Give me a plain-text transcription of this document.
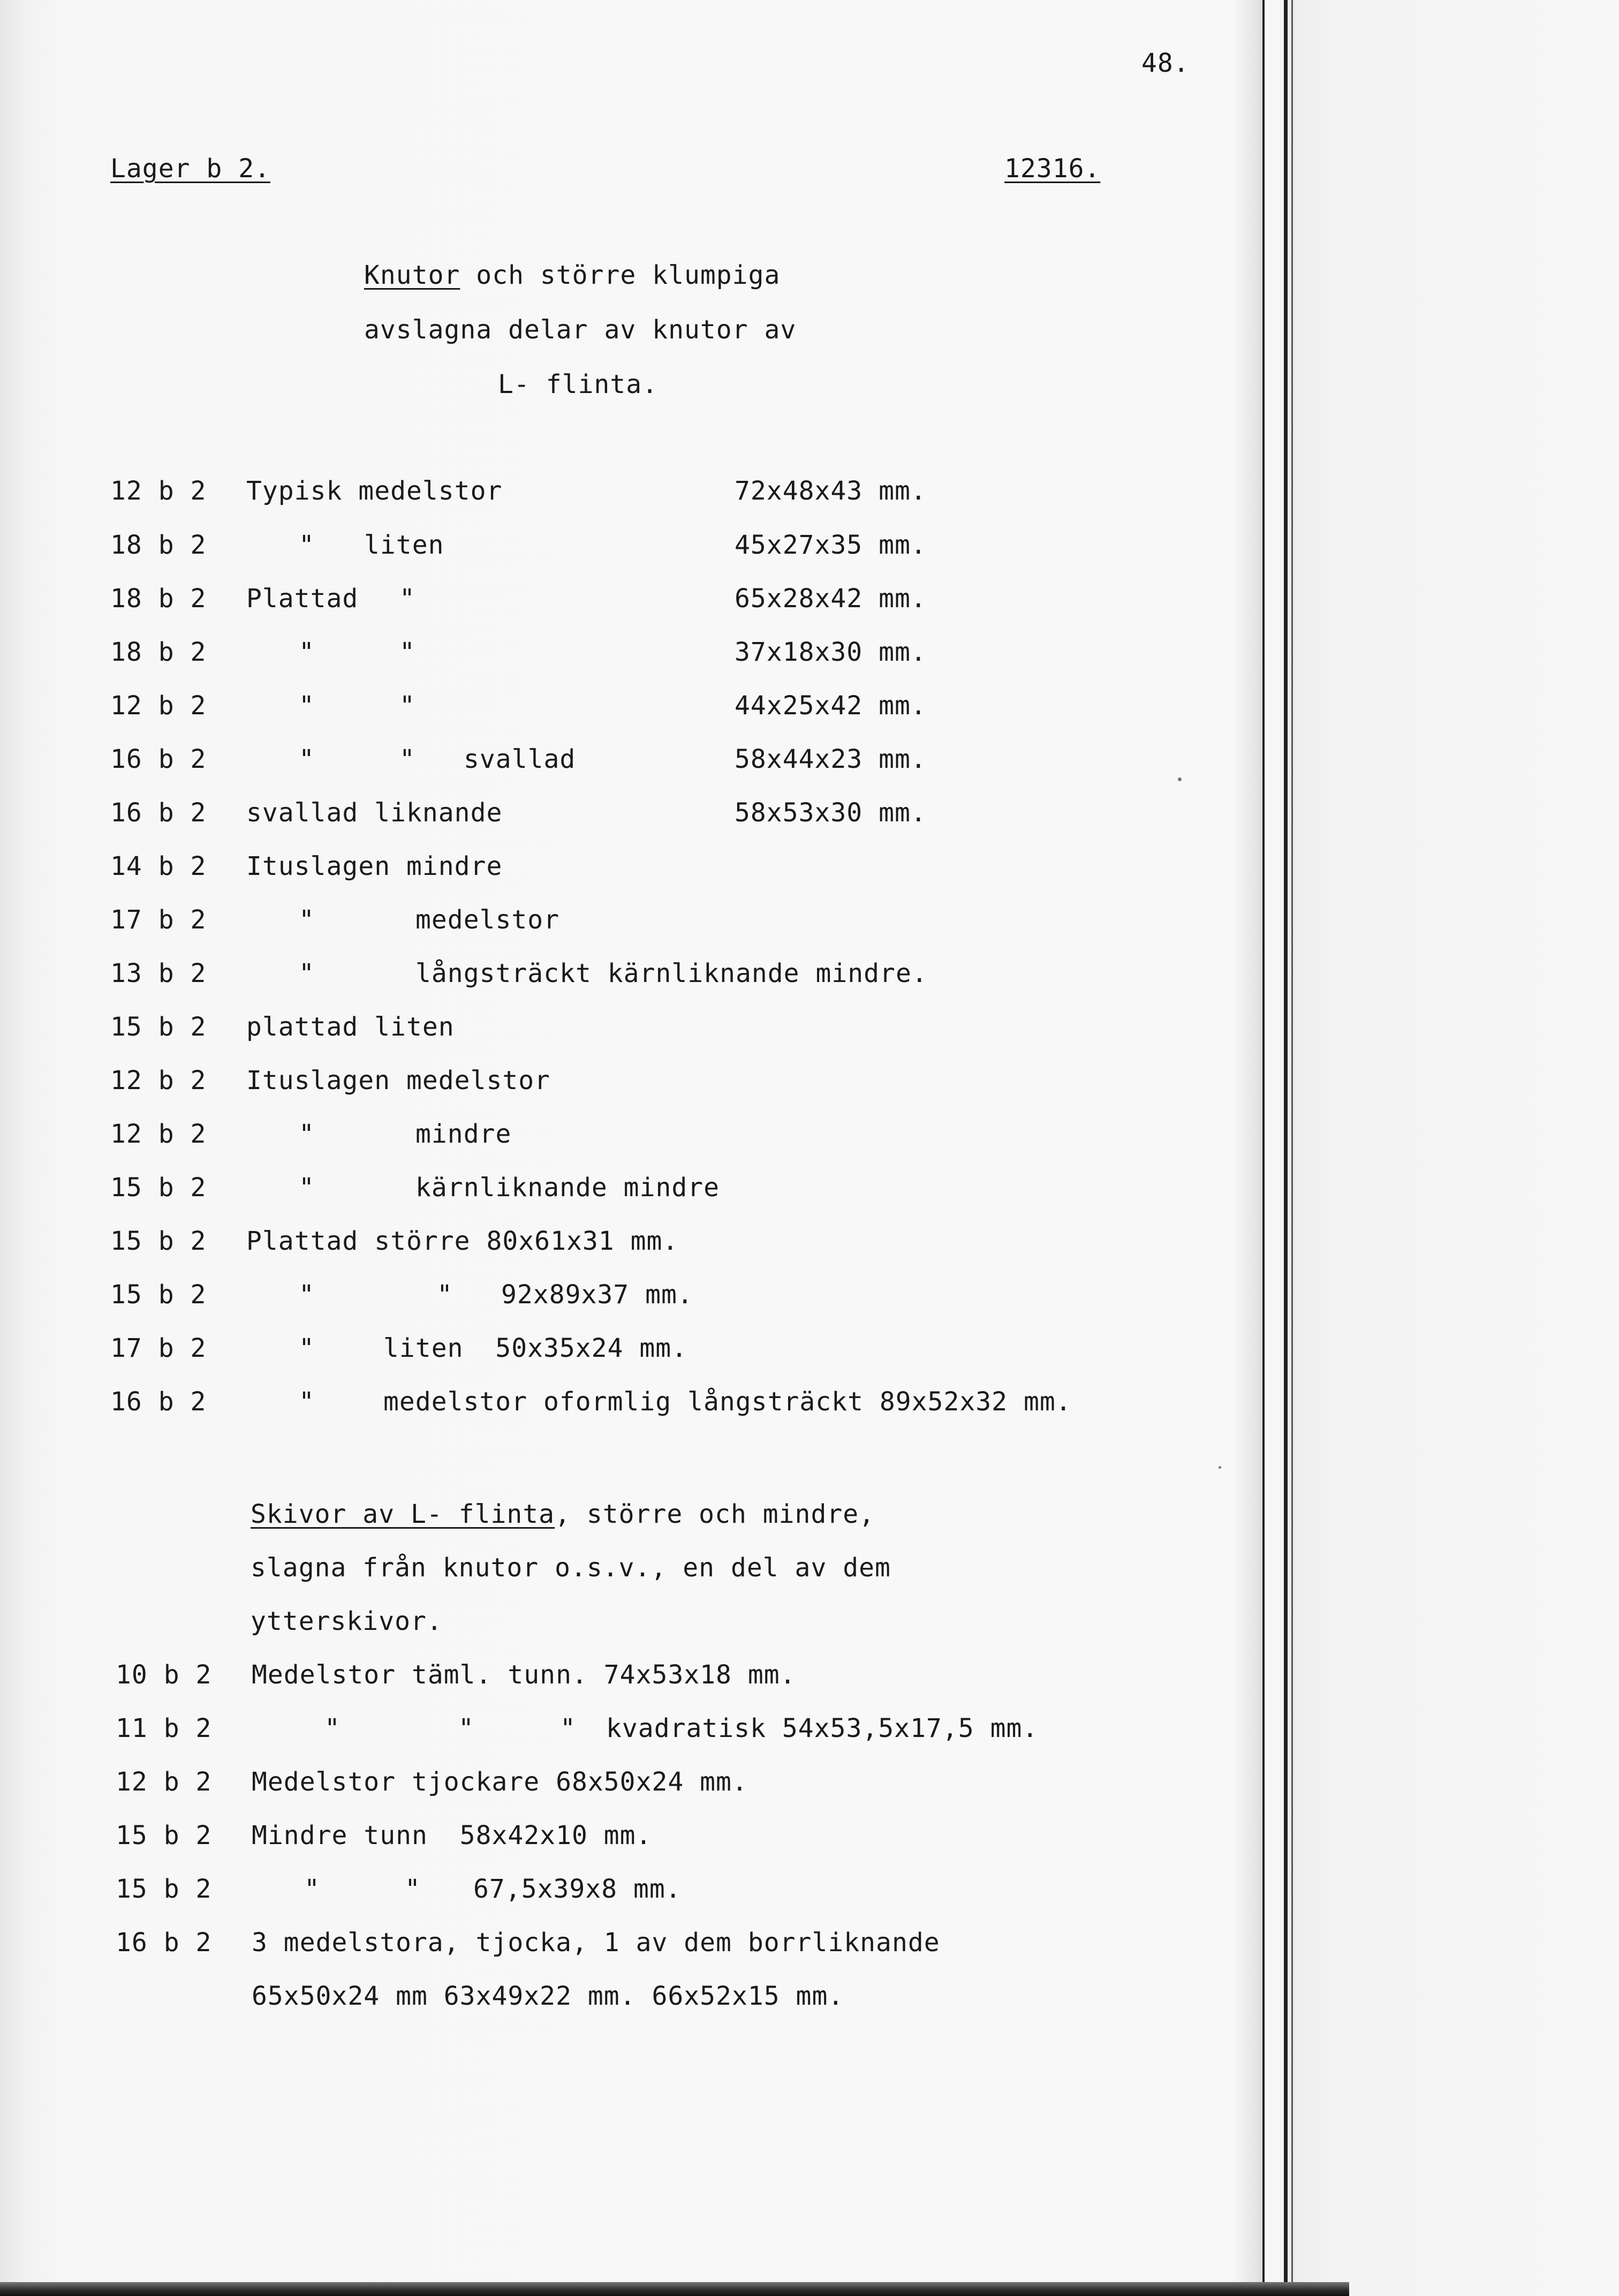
48.
Lager b 2.	12316.
Knutor och större klumpiga
avslagna delar av knutor av
L- flinta.
12 b 2 Typisk medelstor	72x48x43 mm.
18 b 2	" liten	45x27x35 mm.
18 b 2 Plattad "	65x28x42 mm.
18 b 2	"	"	37x18x30 mm.
12 b 2	"	"	44x25x42 mm.
16 b 2	"	" svallad	58x44x23 mm.
16 b 2 svallad liknande	58x53x30 mm.
14 b 2 Ituslagen mindre
17 b 2	"	medelstor
13 b 2	"	långsträckt kärnliknande mindre.
15 b 2 plattad liten
12 b 2 Ituslagen medelstor
12 b 2	"	mindre
15 b 2	"	kärnliknande mindre
15 b 2 Plattad större 80x61x31 mm.
15 b 2	"	" 92x89x37 mm.
17 b 2	"	liten  50x35x24 mm.
16 b 2	"	medelstor oformlig långsträckt 89x52x32 mm.
Skivor av L- flinta, större och mindre,
slagna från knutor o.s.v., en del av dem
ytterskivor.
10 b 2 Medelstor täml. tunn. 74x53x18 mm.
11 b 2	"	"	" kvadratisk 54x53,5x17,5 mm.
12 b 2 Medelstor tjockare 68x50x24 mm.
15 b 2 Mindre tunn  58x42x10 mm.
15 b 2	"	" 67,5x39x8 mm.
16 b 2 3 medelstora, tjocka, 1 av dem borrliknande
65x50x24 mm 63x49x22 mm. 66x52x15 mm.
